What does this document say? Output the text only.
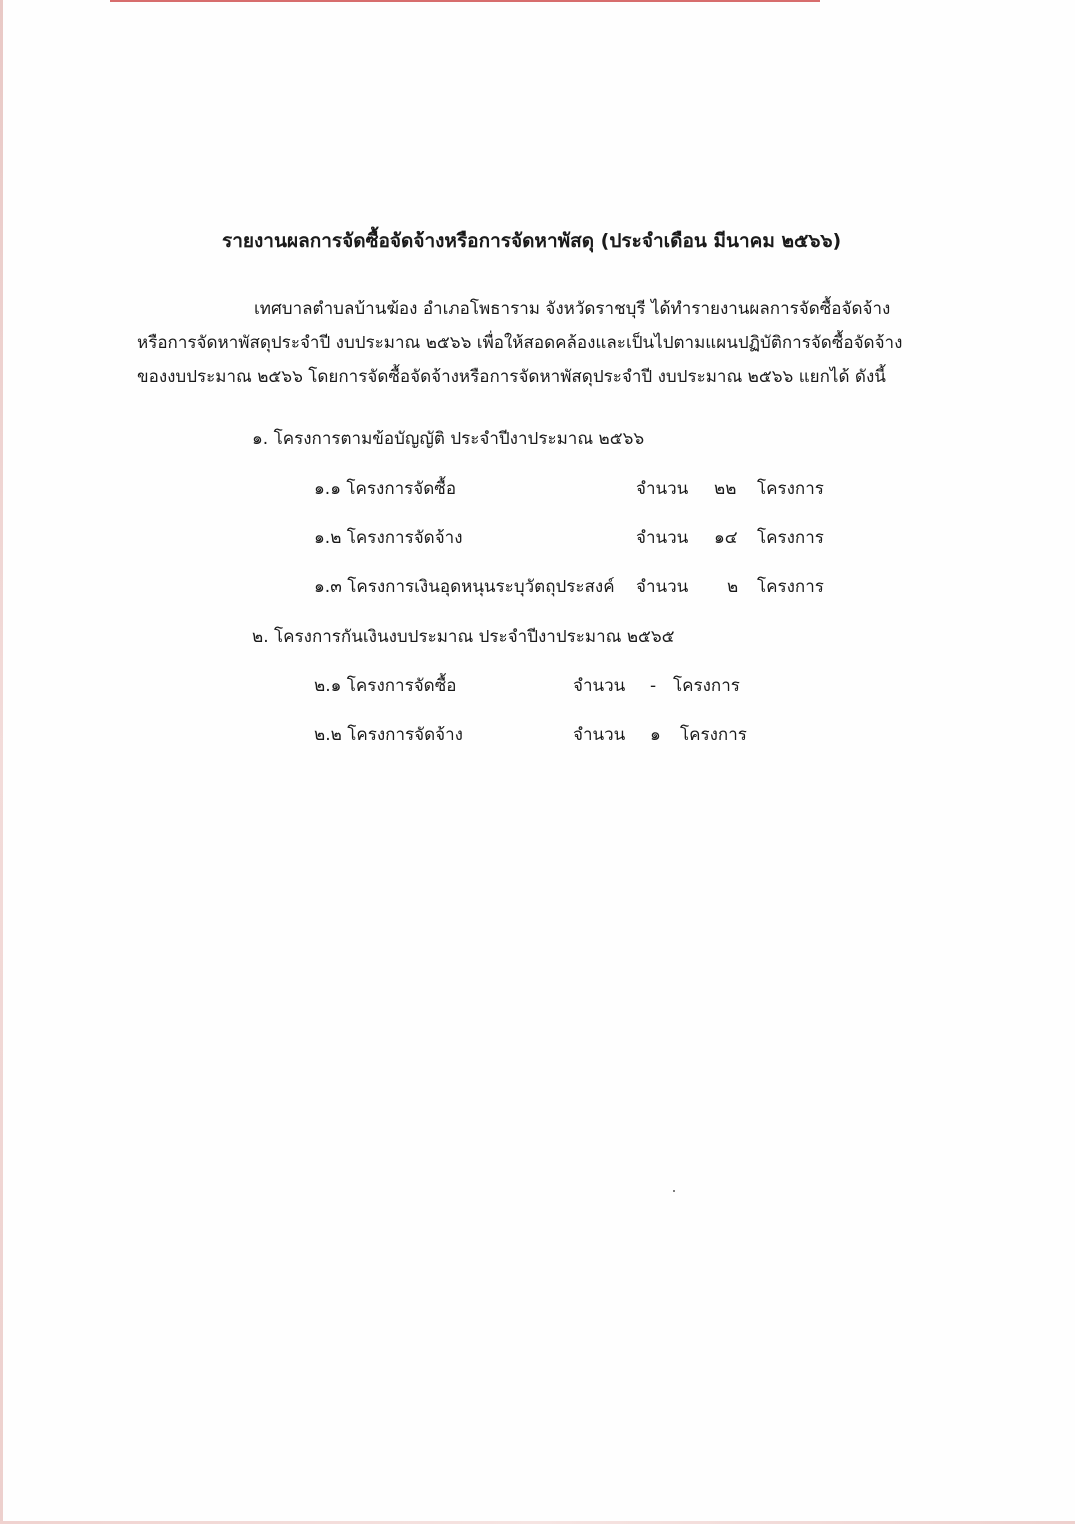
รายงานผลการจัดซื้อจัดจ้างหรือการจัดหาพัสดุ (ประจำเดือน มีนาคม ๒๕๖๖)
เทศบาลตำบลบ้านฆ้อง อำเภอโพธาราม จังหวัดราชบุรี ได้ทำรายงานผลการจัดซื้อจัดจ้าง
หรือการจัดหาพัสดุประจำปี งบประมาณ ๒๕๖๖ เพื่อให้สอดคล้องและเป็นไปตามแผนปฏิบัติการจัดซื้อจัดจ้าง
ของงบประมาณ ๒๕๖๖ โดยการจัดซื้อจัดจ้างหรือการจัดหาพัสดุประจำปี งบประมาณ ๒๕๖๖ แยกได้ ดังนี้
๑. โครงการตามข้อบัญญัติ ประจำปีงาประมาณ ๒๕๖๖
๑.๑ โครงการจัดซื้อ	จำนวน ๒๒ โครงการ
๑.๒ โครงการจัดจ้าง	จำนวน ๑๔ โครงการ
๑.๓ โครงการเงินอุดหนุนระบุวัตถุประสงค์ จำนวน ๒ โครงการ
๒. โครงการกันเงินงบประมาณ ประจำปีงาประมาณ ๒๕๖๕
๒.๑ โครงการจัดซื้อ	จำนวน - โครงการ
๒.๒ โครงการจัดจ้าง	จำนวน ๑ โครงการ
